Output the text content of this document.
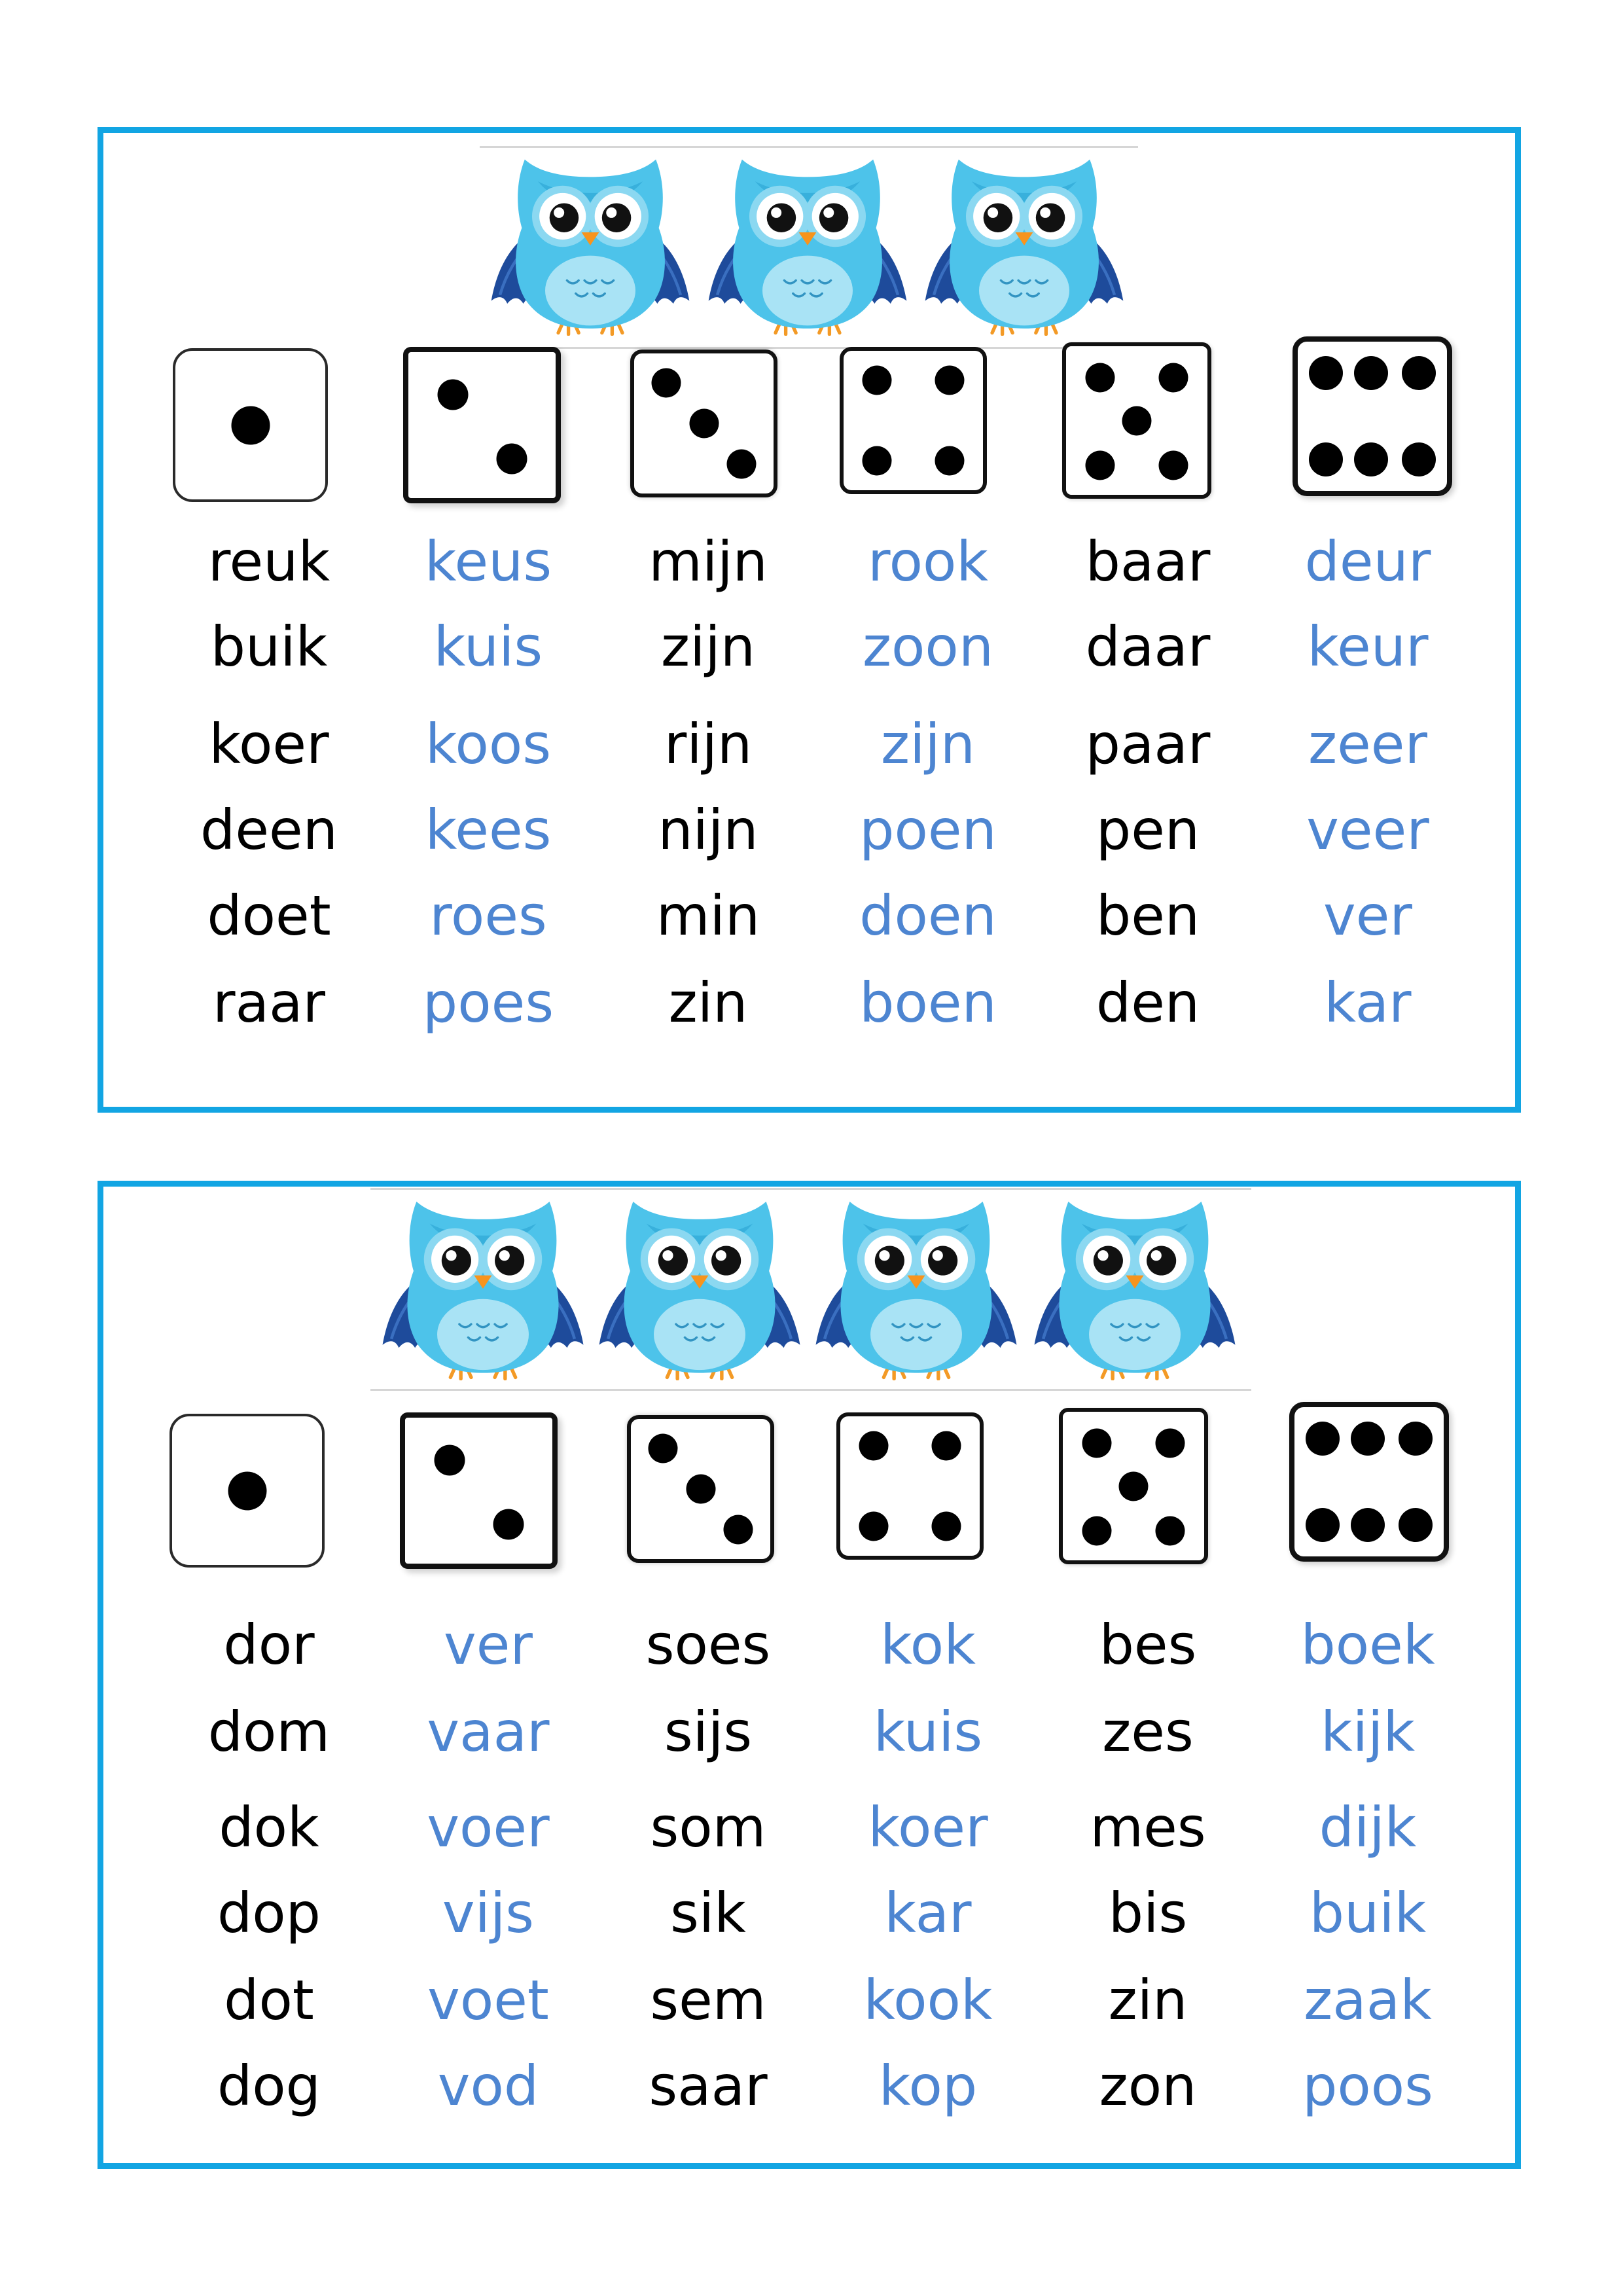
reuk
buik
koer
deen
doet
raar
keus
kuis
koos
kees
roes
poes
mijn
zijn
rijn
nijn
min
zin
rook
zoon
zijn
poen
doen
boen
baar
daar
paar
pen
ben
den
deur
keur
zeer
veer
ver
kar
dor
dom
dok
dop
dot
dog
ver
vaar
voer
vijs
voet
vod
soes
sijs
som
sik
sem
saar
kok
kuis
koer
kar
kook
kop
bes
zes
mes
bis
zin
zon
boek
kijk
dijk
buik
zaak
poos
